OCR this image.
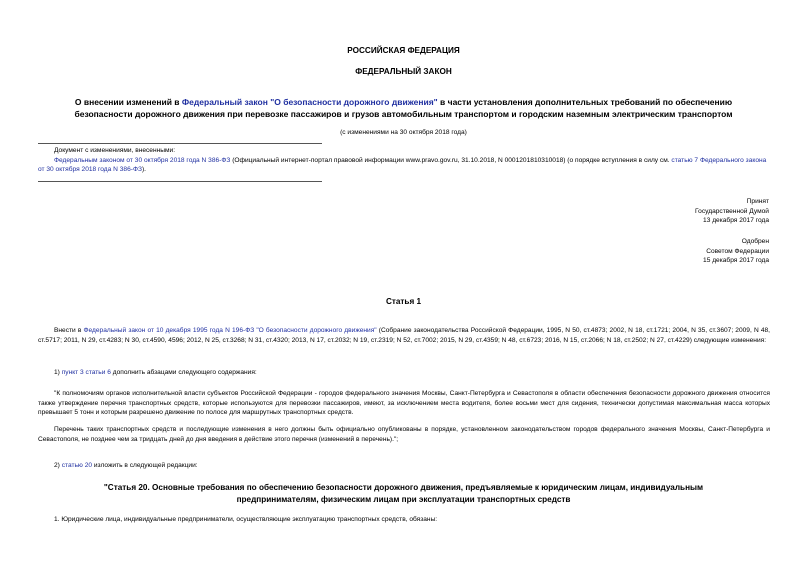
РОССИЙСКАЯ ФЕДЕРАЦИЯ
ФЕДЕРАЛЬНЫЙ ЗАКОН
О внесении изменений в Федеральный закон "О безопасности дорожного движения" в части установления дополнительных требований по обеспечению
безопасности дорожного движения при перевозке пассажиров и грузов автомобильным транспортом и городским наземным электрическим транспортом
(с изменениями на 30 октября 2018 года)
Документ с изменениями, внесенными:
Федеральным законом от 30 октября 2018 года N 386-ФЗ (Официальный интернет-портал правовой информации www.pravo.gov.ru, 31.10.2018, N 0001201810310018) (о порядке вступления в силу см. статью 7 Федерального закона от 30 октября 2018 года N 386-ФЗ).
Принят
Государственной Думой
13 декабря 2017 года
Одобрен
Советом Федерации
15 декабря 2017 года
Статья 1
Внести в Федеральный закон от 10 декабря 1995 года N 196-ФЗ "О безопасности дорожного движения" (Собрание законодательства Российской Федерации, 1995, N 50, ст.4873; 2002, N 18, ст.1721; 2004, N 35, ст.3607; 2009, N 48, ст.5717; 2011, N 29, ст.4283; N 30, ст.4590, 4596; 2012, N 25, ст.3268; N 31, ст.4320; 2013, N 17, ст.2032; N 19, ст.2319; N 52, ст.7002; 2015, N 29, ст.4359; N 48, ст.6723; 2016, N 15, ст.2066; N 18, ст.2502; N 27, ст.4229) следующие изменения:
1) пункт 3 статьи 6 дополнить абзацами следующего содержания:
"К полномочиям органов исполнительной власти субъектов Российской Федерации - городов федерального значения Москвы, Санкт-Петербурга и Севастополя в области обеспечения безопасности дорожного движения относится также утверждение перечня транспортных средств, которые используются для перевозки пассажиров, имеют, за исключением места водителя, более восьми мест для сидения, технически допустимая максимальная масса которых превышает 5 тонн и которым разрешено движение по полосе для маршрутных транспортных средств.
Перечень таких транспортных средств и последующие изменения в него должны быть официально опубликованы в порядке, установленном законодательством городов федерального значения Москвы, Санкт-Петербурга и Севастополя, не позднее чем за тридцать дней до дня введения в действие этого перечня (изменений в перечень).";
2) статью 20 изложить в следующей редакции:
"Статья 20. Основные требования по обеспечению безопасности дорожного движения, предъявляемые к юридическим лицам, индивидуальным
предпринимателям, физическим лицам при эксплуатации транспортных средств
1. Юридические лица, индивидуальные предприниматели, осуществляющие эксплуатацию транспортных средств, обязаны:
